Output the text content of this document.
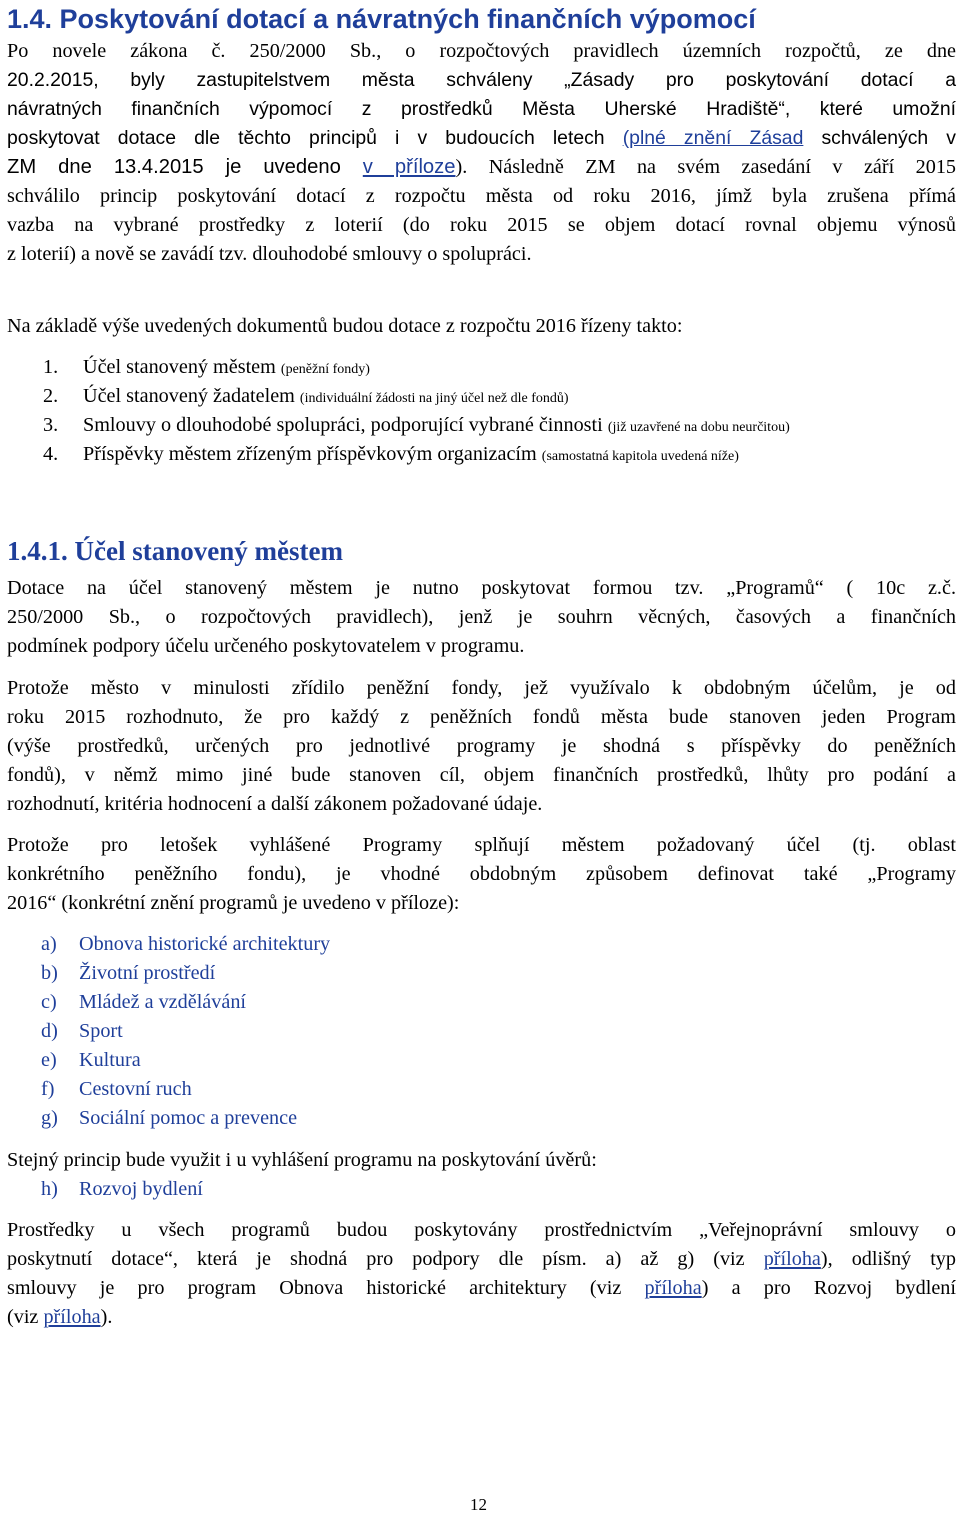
1.4. Poskytování dotací a návratných finančních výpomocí
Po novele zákona č. 250/2000 Sb., o rozpočtových pravidlech územních rozpočtů, ze dne
20.2.2015, byly zastupitelstvem města schváleny „Zásady pro poskytování dotací a
návratných finančních výpomocí z prostředků Města Uherské Hradiště“, které umožní
poskytovat dotace dle těchto principů i v budoucích letech (plné znění Zásad schválených v
ZM dne 13.4.2015 je uvedeno v příloze). Následně ZM na svém zasedání v září 2015
schválilo princip poskytování dotací z rozpočtu města od roku 2016, jímž byla zrušena přímá
vazba na vybrané prostředky z loterií (do roku 2015 se objem dotací rovnal objemu výnosů
z loterií) a nově se zavádí tzv. dlouhodobé smlouvy o spolupráci.

Na základě výše uvedených dokumentů budou dotace z rozpočtu 2016 řízeny takto:

1. Účel stanovený městem (peněžní fondy)
2. Účel stanovený žadatelem (individuální žádosti na jiný účel než dle fondů)
3. Smlouvy o dlouhodobé spolupráci, podporující vybrané činnosti (již uzavřené na dobu neurčitou)
4. Příspěvky městem zřízeným příspěvkovým organizacím (samostatná kapitola uvedená níže)
1.4.1. Účel stanovený městem
Dotace na účel stanovený městem je nutno poskytovat formou tzv. „Programů“ ( 10c z.č.
250/2000 Sb., o rozpočtových pravidlech), jenž je souhrn věcných, časových a finančních
podmínek podpory účelu určeného poskytovatelem v programu.
Protože město v minulosti zřídilo peněžní fondy, jež využívalo k obdobným účelům, je od
roku 2015 rozhodnuto, že pro každý z peněžních fondů města bude stanoven jeden Program
(výše prostředků, určených pro jednotlivé programy je shodná s příspěvky do peněžních
fondů), v němž mimo jiné bude stanoven cíl, objem finančních prostředků, lhůty pro podání a
rozhodnutí, kritéria hodnocení a další zákonem požadované údaje.
Protože pro letošek vyhlášené Programy splňují městem požadovaný účel (tj. oblast
konkrétního peněžního fondu), je vhodné obdobným způsobem definovat také „Programy
2016“ (konkrétní znění programů je uvedeno v příloze):
a) Obnova historické architektury
b) Životní prostředí
c) Mládež a vzdělávání
d) Sport
e) Kultura
f) Cestovní ruch
g) Sociální pomoc a prevence

Stejný princip bude využit i u vyhlášení programu na poskytování úvěrů:

h) Rozvoj bydlení
Prostředky u všech programů budou poskytovány prostřednictvím „Veřejnoprávní smlouvy o
poskytnutí dotace“, která je shodná pro podpory dle písm. a) až g) (viz příloha), odlišný typ
smlouvy je pro program Obnova historické architektury (viz příloha) a pro Rozvoj bydlení
(viz příloha).
12
